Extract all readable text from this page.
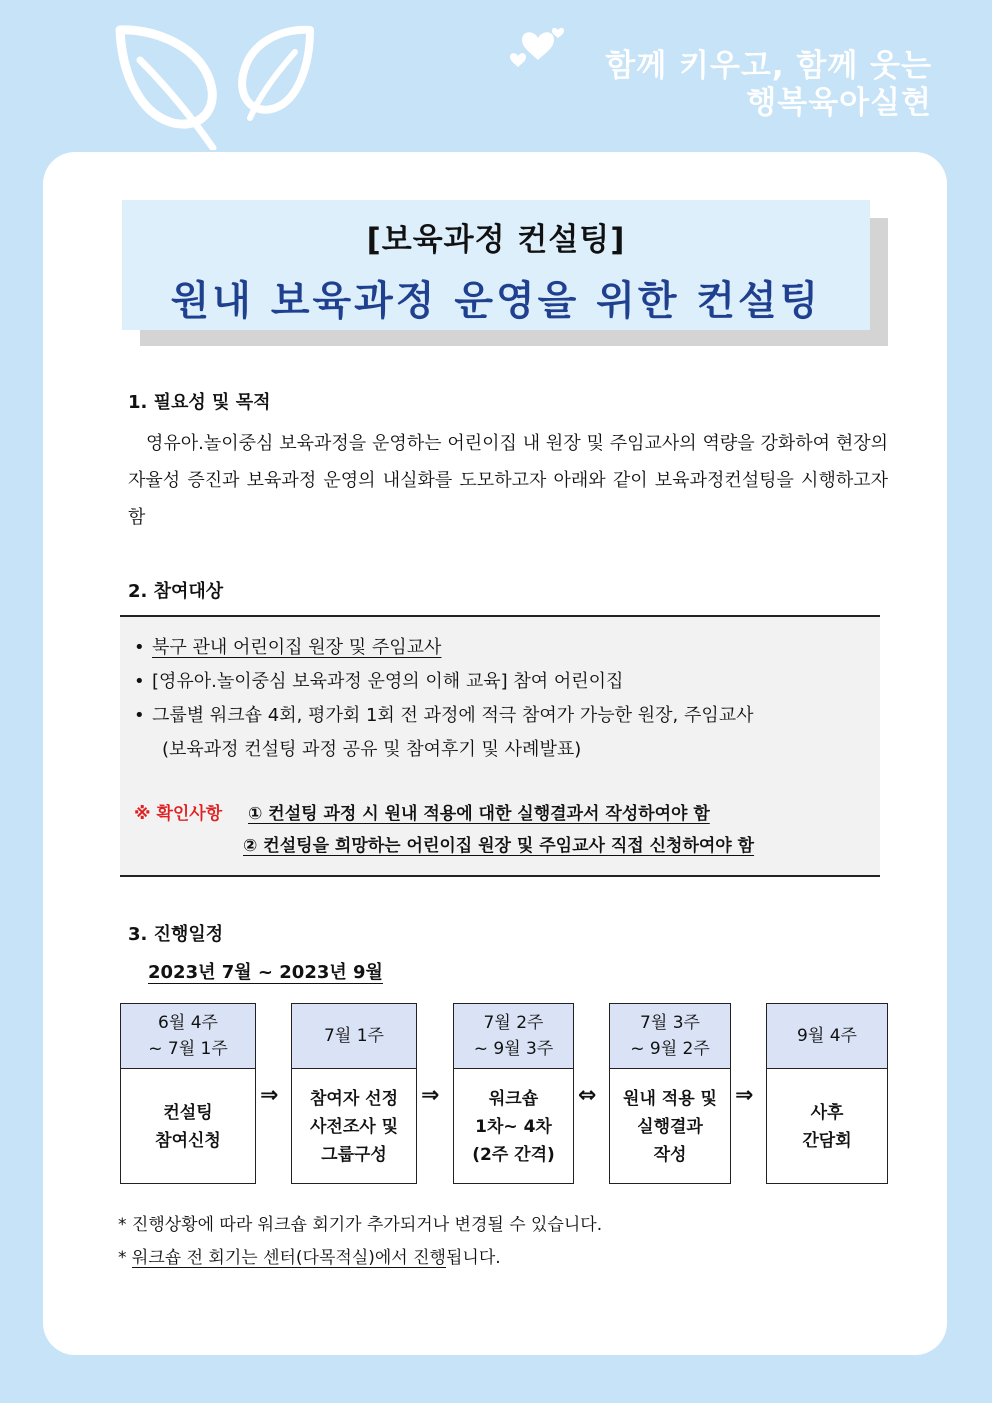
함께 키우고, 함께 웃는
행복육아실현
[보육과정 컨설팅]
원내 보육과정 운영을 위한 컨설팅
1. 필요성 및 목적
영유아.놀이중심 보육과정을 운영하는 어린이집 내 원장 및 주임교사의 역량을 강화하여 현장의 자율성 증진과 보육과정 운영의 내실화를 도모하고자 아래와 같이 보육과정컨설팅을 시행하고자 함
2. 참여대상
• 북구 관내 어린이집 원장 및 주임교사
• [영유아.놀이중심 보육과정 운영의 이해 교육] 참여 어린이집
• 그룹별 워크숍 4회, 평가회 1회 전 과정에 적극 참여가 가능한 원장, 주임교사
(보육과정 컨설팅 과정 공유 및 참여후기 및 사례발표)
※ 확인사항 ① 컨설팅 과정 시 원내 적용에 대한 실행결과서 작성하여야 함
② 컨설팅을 희망하는 어린이집 원장 및 주임교사 직접 신청하여야 함
3. 진행일정
2023년 7월 ~ 2023년 9월
6월 4주
~ 7월 1주
컨설팅
참여신청
⇒
7월 1주
참여자 선정
사전조사 및
그룹구성
⇒
7월 2주
~ 9월 3주
워크숍
1차~ 4차
(2주 간격)
⇔
7월 3주
~ 9월 2주
원내 적용 및
실행결과
작성
⇒
9월 4주
사후
간담회
* 진행상황에 따라 워크숍 회기가 추가되거나 변경될 수 있습니다.
* 워크숍 전 회기는 센터(다목적실)에서 진행됩니다.
